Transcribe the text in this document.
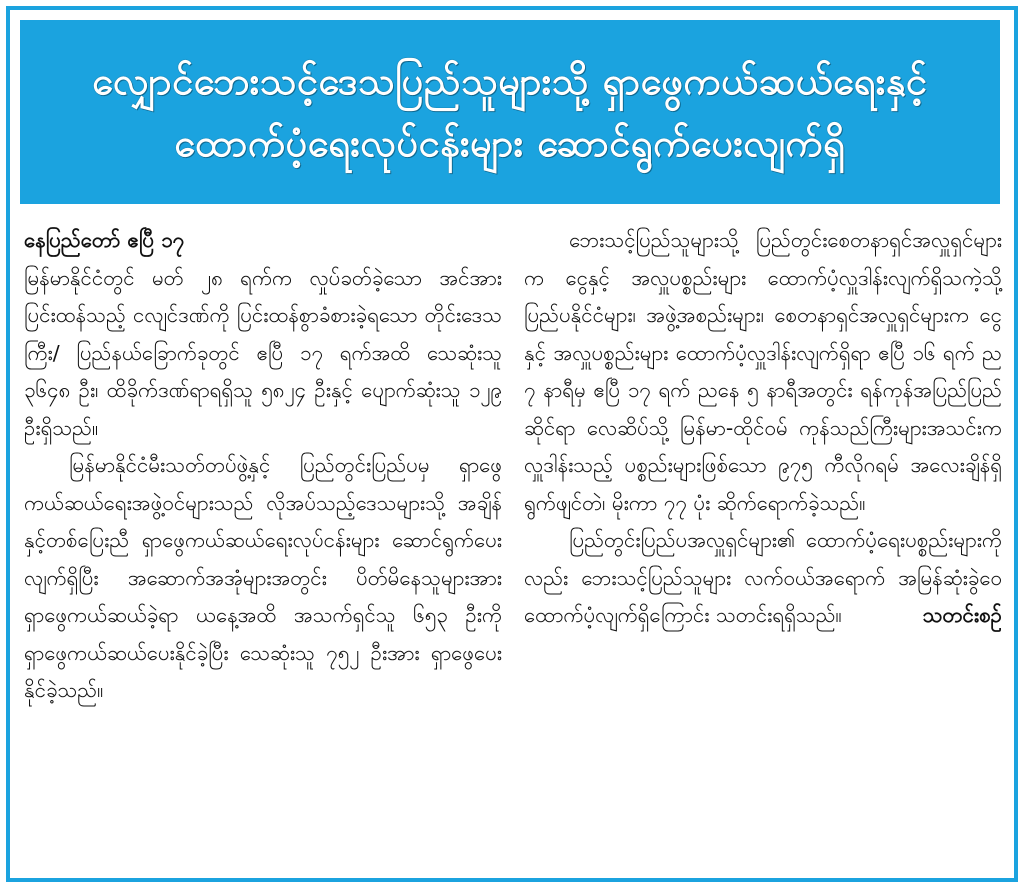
လျှောင်ဘေးသင့်ဒေသပြည်သူများသို့ ရှာဖွေကယ်ဆယ်ရေးနှင့်
ထောက်ပံ့ရေးလုပ်ငန်းများ ဆောင်ရွက်ပေးလျက်ရှိ
နေပြည်တော် ဧပြီ ၁၇

မြန်မာနိုင်ငံတွင် မတ် ၂၈ ရက်က လှုပ်ခတ်ခဲ့သော အင်အားပြင်းထန်သည့် ငလျင်ဒဏ်ကို ပြင်းထန်စွာခံစားခဲ့ရသော တိုင်းဒေသကြီး/ ပြည်နယ်ခြောက်ခုတွင် ဧပြီ ၁၇ ရက်အထိ သေဆုံးသူ ၃၆၄၈ ဦး၊ ထိခိုက်ဒဏ်ရာရရှိသူ ၅၈၂၄ ဦးနှင့် ပျောက်ဆုံးသူ ၁၂၉ ဦးရှိသည်။

မြန်မာနိုင်ငံမီးသတ်တပ်ဖွဲ့နှင့် ပြည်တွင်းပြည်ပမှ ရှာဖွေကယ်ဆယ်ရေးအဖွဲ့ဝင်များသည် လိုအပ်သည့်ဒေသများသို့ အချိန်နှင့်တစ်ပြေးညီ ရှာဖွေကယ်ဆယ်ရေးလုပ်ငန်းများ ဆောင်ရွက်ပေးလျက်ရှိပြီး အဆောက်အအုံများအတွင်း ပိတ်မိနေသူများအား ရှာဖွေကယ်ဆယ်ခဲ့ရာ ယနေ့အထိ အသက်ရှင်သူ ၆၅၃ ဦးကို ရှာဖွေကယ်ဆယ်ပေးနိုင်ခဲ့ပြီး သေဆုံးသူ ၇၅၂ ဦးအား ရှာဖွေပေးနိုင်ခဲ့သည်။

ဘေးသင့်ပြည်သူများသို့ ပြည်တွင်းစေတနာရှင်အလှူရှင်များက ငွေနှင့် အလှူပစ္စည်းများ ထောက်ပံ့လှူဒါန်းလျက်ရှိသကဲ့သို့ ပြည်ပနိုင်ငံများ၊ အဖွဲ့အစည်းများ၊ စေတနာရှင်အလှူရှင်များက ငွေနှင့် အလှူပစ္စည်းများ ထောက်ပံ့လှူဒါန်းလျက်ရှိရာ ဧပြီ ၁၆ ရက် ည ၇ နာရီမှ ဧပြီ ၁၇ ရက် ညနေ ၅ နာရီအတွင်း ရန်ကုန်အပြည်ပြည်ဆိုင်ရာ လေဆိပ်သို့ မြန်မာ-ထိုင်ဝမ် ကုန်သည်ကြီးများအသင်းက လှူဒါန်းသည့် ပစ္စည်းများဖြစ်သော ၉၇၅ ကီလိုဂရမ် အလေးချိန်ရှိ ရွက်ဖျင်တဲ၊ မိုးကာ ၇၇ ပုံး ဆိုက်ရောက်ခဲ့သည်။

ပြည်တွင်းပြည်ပအလှူရှင်များ၏ ထောက်ပံ့ရေးပစ္စည်းများကိုလည်း ဘေးသင့်ပြည်သူများ လက်ဝယ်အရောက် အမြန်ဆုံးခွဲဝေထောက်ပံ့လျက်ရှိကြောင်း သတင်းရရှိသည်။	သတင်းစဉ်
